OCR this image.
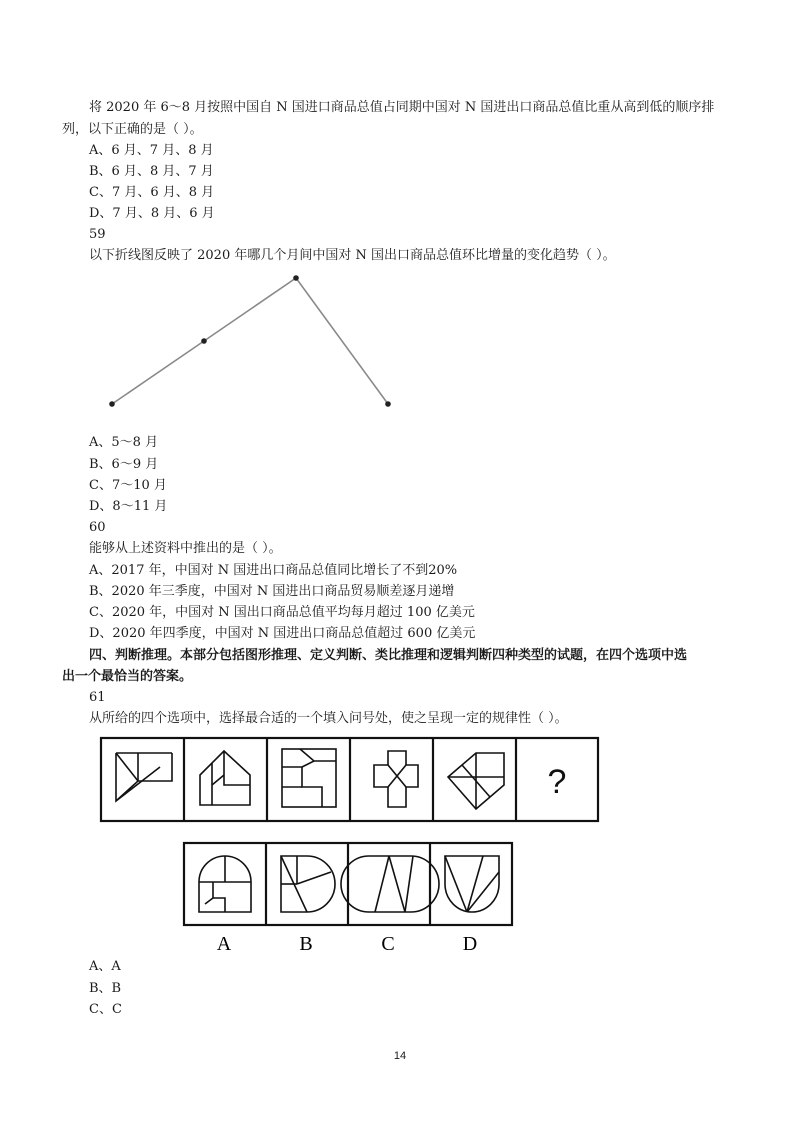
将 2020 年 6～8 月按照中国自 N 国进口商品总值占同期中国对 N 国进出口商品总值比重从高到低的顺序排
列，以下正确的是（ ）。
A、6 月、7 月、8 月
B、6 月、8 月、7 月
C、7 月、6 月、8 月
D、7 月、8 月、6 月
59
以下折线图反映了 2020 年哪几个月间中国对 N 国出口商品总值环比增量的变化趋势（ ）。
A、5～8 月
B、6～9 月
C、7～10 月
D、8～11 月
60
能够从上述资料中推出的是（ ）。
A、2017 年，中国对 N 国进出口商品总值同比增长了不到20%
B、2020 年三季度，中国对 N 国进出口商品贸易顺差逐月递增
C、2020 年，中国对 N 国出口商品总值平均每月超过 100 亿美元
D、2020 年四季度，中国对 N 国进出口商品总值超过 600 亿美元
四、判断推理。本部分包括图形推理、定义判断、类比推理和逻辑判断四种类型的试题，在四个选项中选
出一个最恰当的答案。
61
从所给的四个选项中，选择最合适的一个填入问号处，使之呈现一定的规律性（ ）。
?
A	B	C	D
A、A
B、B
C、C
14
